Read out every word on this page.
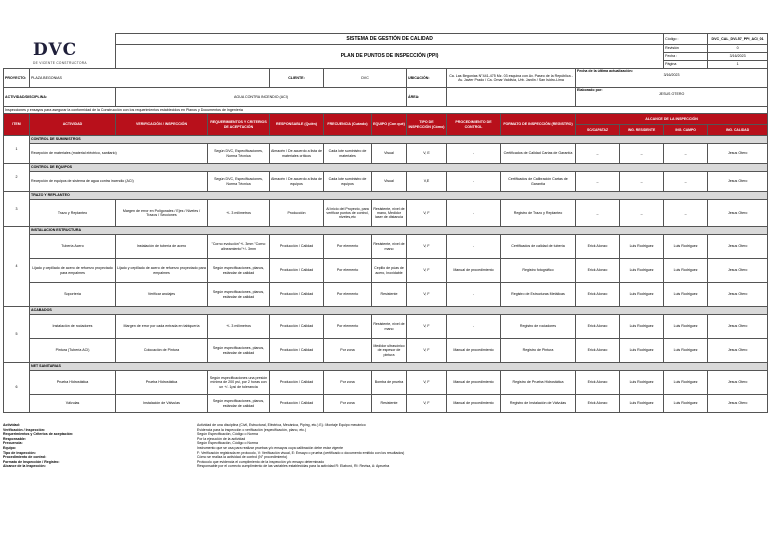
DVC
DE VICENTE CONSTRUCTORA
		SISTEMA DE GESTIÓN DE CALIDAD										Código :	DVC_CAL_DVL57_PPI_ACI_01
		PLAN DE PUNTOS DE INSPECCIÓN (PPI)										Revisión	0
												Fecha :	3/16/2023
												Página	1
PROYECTO:	PLAZA BEGONIAS			CLIENTE:	DVC		UBICACIÓN:	Ca. Las Begonias N°441-475 Mz. 03 esquina con Av. Paseo de la República - Av. Javier Prado / Ca. Omar Valdivia, Urb. Jardín / San Isidro-Lima		Fecha de la última actualización:

3/16/2023			

ACTIVIDAD/DISCIPLINA:		AGUA CONTRA INCENDIO (ACI)					ÁREA:			Elaborado por:

JESUS OTERO			

Inspecciones y ensayos para asegurar la conformidad de la Construcción con los requerimientos establecidos en Planos y Documentos de Ingeniería													
ITEM	ACTIVIDAD	VERIFICACIÓN / INSPECCIÓN	REQUERIMIENTOS Y CRITERIOS DE ACEPTACIÓN	RESPONSABLE (Quién)	FRECUENCIA (Cuándo)	EQUIPO (Con qué)	TIPO DE INSPECCIÓN (Cómo)	PROCEDIMIENTO DE CONTROL	FORMATO DE INSPECCIÓN (REGISTRO)	ALCANCE DE LA INSPECCIÓN			
										SC/CAPATAZ	ING. RESIDENTE	ING. CAMPO	ING. CALIDAD
1	CONTROL DE SUMINISTROS												
	Recepción de materiales (material eléctrico, sanitario)		Según DVC, Especificaciones, Norma Técnica	Almacén / De acuerdo a lista de materiales críticos	Cada lote suministro de materiales	Visual	V, E	-	Certificados de Calidad Cartas de Garantía	_	_	_	Jesus Otero
2	CONTROL DE EQUIPOS												
	Recepción de equipos de sistema de agua contra incendio (ACI)		Según DVC, Especificaciones, Norma Técnica	Almacén / De acuerdo a lista de equipos	Cada lote suministro de equipos	Visual	V,E	-	Certificados de Calibración Cartas de Garantía	_	_	_	Jesus Otero
3	TRAZO Y REPLANTEO												
	Trazo y Replanteo	Margen de error en Polígonales / Ejes / Niveles / Trazos / Secciones	+/- 3 milímetros	Producción	Al inicio del Proyecto, para verificar puntos de control, niveles,etc	Resistente, nivel de mano, Medidor laser de distancia	V, F	-	Registro de Trazo y Replanteo	_	_	_	Jesus Otero
4	INSTALACION ESTRUCTURA												
	Tubería Acero	Instalación de tubería de acero	"Corno evolución"+/- 3mm "Corno alineamiento"+/- 3mm	Producción / Calidad	Por elemento	Resistente, nivel de mano	V, F	-	Certificados de calidad de tubería	Erick Alonzo	Luis Rodriguez	Luis Rodriguez	Jesus Otero
	Lijado y cepillado de acero de refuerzo proyectado para empalmes	Lijado y cepillado de acero de refuerzo proyectado para empalmes	Según especificaciones, planos, estándar de calidad	Producción / Calidad	Por elemento	Cepillo de púas de acero, Inoxidable	V, F	Manual de procedimiento	Registro fotográfico	Erick Alonzo	Luis Rodriguez	Luis Rodriguez	Jesus Otero
	Soportería	Verificar anclajes	Según especificaciones, planos, estándar de calidad	Producción / Calidad	Por elemento	Resistente	V, F	-	Registro de Estructuras Metálicas	Erick Alonzo	Luis Rodriguez	Luis Rodriguez	Jesus Otero
5	ACABADOS												
	Instalación de rociadores	Margen de error por cada entrada en tabiquería	+/- 3 milímetros	Producción / Calidad	Por elemento	Resistente, nivel de mano	V, F	-	Registro de rociadores	Erick Alonzo	Luis Rodriguez	Luis Rodriguez	Jesus Otero
	Pintura (Tubería ACI)	Colocación de Pintura	Según especificaciones, planos, estándar de calidad	Producción / Calidad	Por zona	Medidor ultrasónico de espesor de pintura	V, F	Manual de procedimiento	Registro de Pintura	Erick Alonzo	Luis Rodriguez	Luis Rodriguez	Jesus Otero
6	NET SANITARIAS												
	Prueba Hidrostática	Prueba Hidrostática	Según especificaciones una presión mínima de 200 psi, por 2 horas con un +/- 1psi de tolerancia	Producción / Calidad	Por zona	Bomba de prueba	V, F	Manual de procedimiento	Registro de Prueba Hidrostática	Erick Alonzo	Luis Rodriguez	Luis Rodriguez	Jesus Otero
	Válvulas	Instalación de Válvulas	Según especificaciones, planos, estándar de calidad	Producción / Calidad	Por zona	Resistente	V, F	Manual de procedimiento	Registro de Instalación de Válvulas	Erick Alonzo	Luis Rodriguez	Luis Rodriguez	Jesus Otero
Actividad:	Actividad de una disciplina (Civil, Estructural, Eléctrica, Mecánica, Piping, etc.) Ej.: Montaje Equipo mecánico
Verificación / Inspección:	Evidencia para la inspección o verificación (especificación, plano, etc.)
Requerimientos y Criterios de aceptación:	Según Especificación, Código o Norma
Responsable:	Por la ejecución de la actividad
Frecuencia:	Según Especificación, Código o Norma
Equipo:	Instrumento que se usa para realizar pruebas y/o ensayos cuya calibración debe estar vigente
Tipo de inspección:	F: Verificación registrada en protocolo, V: Verificación visual, E: Ensayo o prueba (certificado o documento emitido con los resultados)
Procedimiento de control:	Cómo se realiza la actividad de control (N° procedimiento)
Formato de Inspección / Registro:	Protocolo que evidencia el cumplimiento de la inspección y/o ensayo determinado
Alcance de la Inspección:	Responsable por el correcto cumplimiento de las variables establecidas para la actividad R: Elaboró, RI: Revisa, A: Aprueba
